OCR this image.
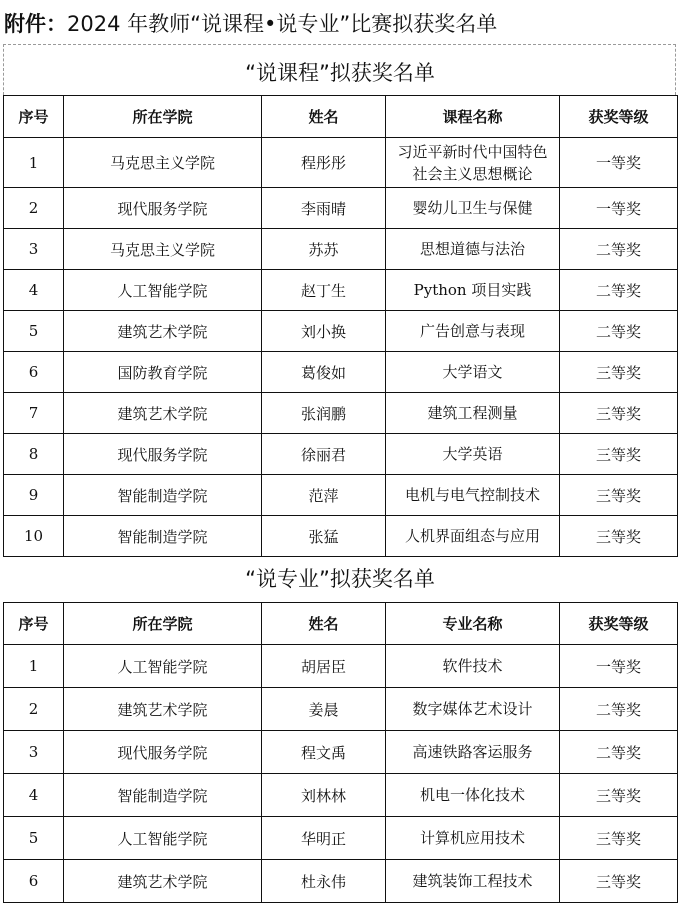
附件：2024 年教师“说课程•说专业”比赛拟获奖名单
“说课程”拟获奖名单
序号	所在学院	姓名	课程名称	获奖等级
1	马克思主义学院	程彤彤	习近平新时代中国特色社会主义思想概论	一等奖
2	现代服务学院	李雨晴	婴幼儿卫生与保健	一等奖
3	马克思主义学院	苏苏	思想道德与法治	二等奖
4	人工智能学院	赵丁生	Python 项目实践	二等奖
5	建筑艺术学院	刘小换	广告创意与表现	二等奖
6	国防教育学院	葛俊如	大学语文	三等奖
7	建筑艺术学院	张润鹏	建筑工程测量	三等奖
8	现代服务学院	徐丽君	大学英语	三等奖
9	智能制造学院	范萍	电机与电气控制技术	三等奖
10	智能制造学院	张猛	人机界面组态与应用	三等奖
“说专业”拟获奖名单
序号	所在学院	姓名	专业名称	获奖等级
1	人工智能学院	胡居臣	软件技术	一等奖
2	建筑艺术学院	姜晨	数字媒体艺术设计	二等奖
3	现代服务学院	程文禹	高速铁路客运服务	二等奖
4	智能制造学院	刘林林	机电一体化技术	三等奖
5	人工智能学院	华明正	计算机应用技术	三等奖
6	建筑艺术学院	杜永伟	建筑装饰工程技术	三等奖
